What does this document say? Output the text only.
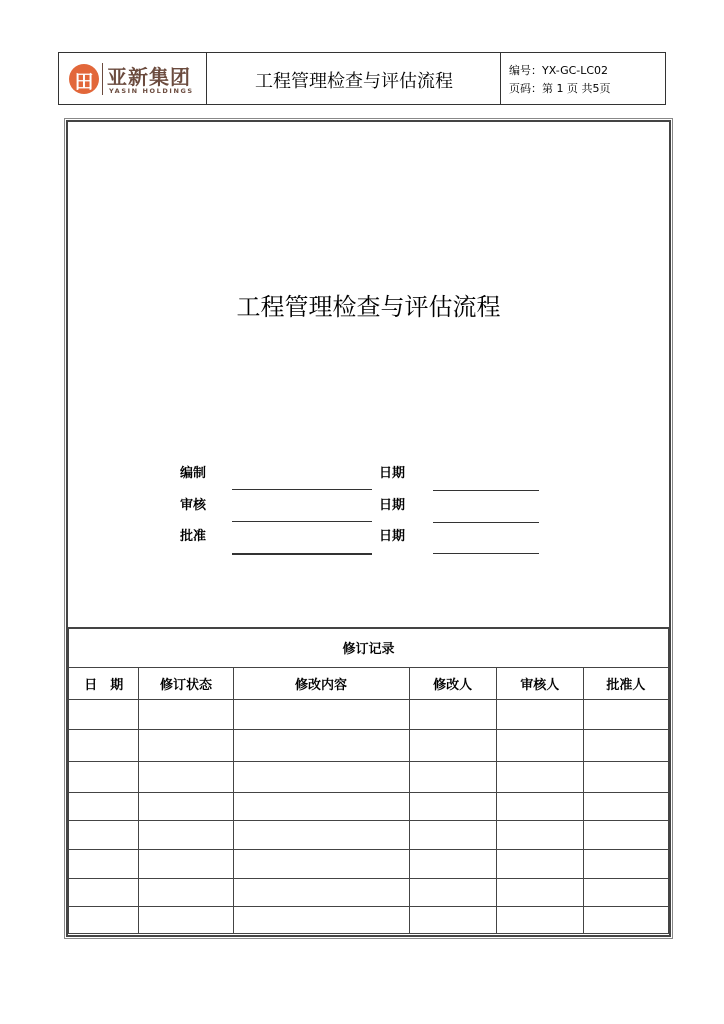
田 亚新集团
YASIN HOLDINGS	工程管理检查与评估流程
编号：YX-GC-LC02
页码：第 1 页 共5页
工程管理检查与评估流程
编制	日期
审核	日期
批准	日期
修订记录					
日　期	修订状态	修改内容	修改人	审核人	批准人
